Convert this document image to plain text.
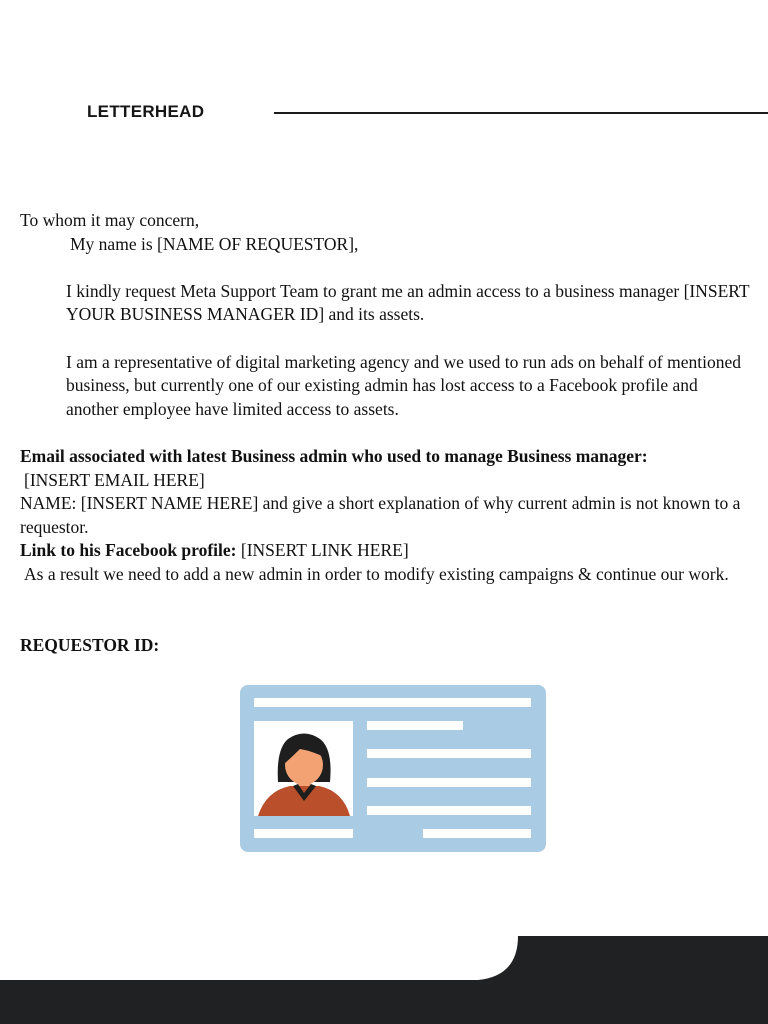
LETTERHEAD

To whom it may concern,

My name is [NAME OF REQUESTOR],

I kindly request Meta Support Team to grant me an admin access to a business manager [INSERT YOUR BUSINESS MANAGER ID] and its assets.

I am a representative of digital marketing agency and we used to run ads on behalf of mentioned business, but currently one of our existing admin has lost access to a Facebook profile and another employee have limited access to assets.

Email associated with latest Business admin who used to manage Business manager:

[INSERT EMAIL HERE]

NAME: [INSERT NAME HERE] and give a short explanation of why current admin is not known to a requestor.

Link to his Facebook profile: [INSERT LINK HERE]

As a result we need to add a new admin in order to modify existing campaigns & continue our work.

REQUESTOR ID:
